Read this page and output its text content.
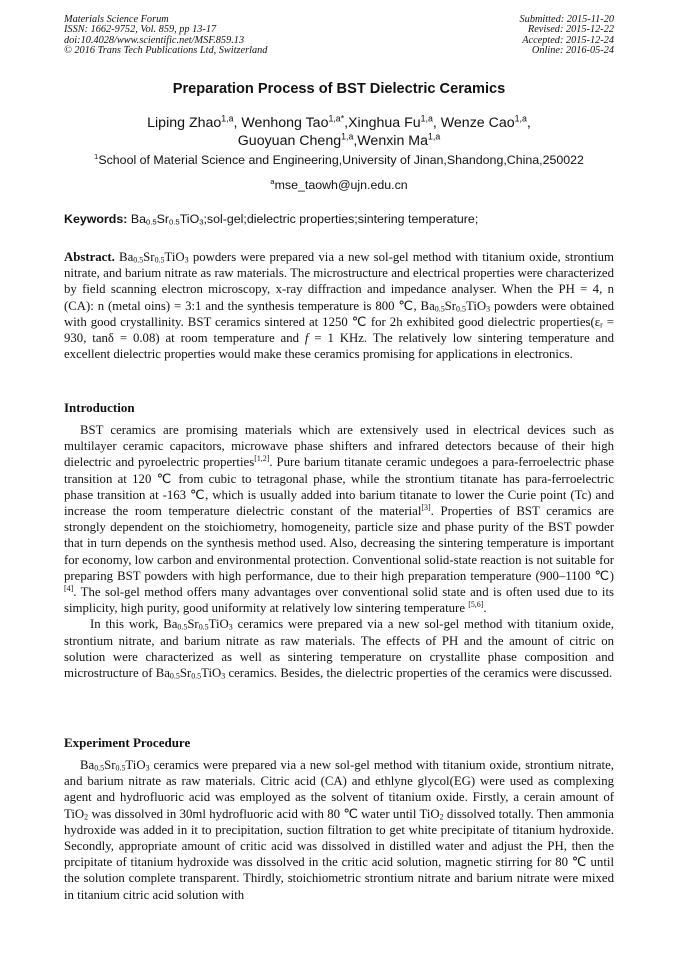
Materials Science Forum
ISSN: 1662-9752, Vol. 859, pp 13-17
doi:10.4028/www.scientific.net/MSF.859.13
© 2016 Trans Tech Publications Ltd, Switzerland
Submitted: 2015-11-20
Revised: 2015-12-22
Accepted: 2015-12-24
Online: 2016-05-24
Preparation Process of BST Dielectric Ceramics
Liping Zhao$^{1,a}$, Wenhong Tao$^{1,a*}$,Xinghua Fu$^{1,a}$, Wenze Cao$^{1,a}$,
Guoyuan Cheng$^{1,a}$,Wenxin Ma$^{1,a}$
$^1$School of Material Science and Engineering,University of Jinan,Shandong,China,250022
$^a$mse_taowh@ujn.edu.cn
Keywords: $Ba_{0.5}Sr_{0.5}TiO_3;sol-gel;dielectric$ properties;sintering temperature;

Abstract. $Ba_{0.5}Sr_{0.5}TiO_3$ powders were prepared via a new sol-gel method with titanium oxide, strontium nitrate, and barium nitrate as raw materials. The microstructure and electrical properties were characterized by field scanning electron microscopy, x-ray diffraction and impedance analyser. When the PH = 4, n (CA): n (metal oins) = 3:1 and the synthesis temperature is 800 ℃, $Ba_{0.5}Sr_{0.5}TiO_3$ powders were obtained with good crystallinity. BST ceramics sintered at 1250 ℃ for 2h exhibited good dielectric $properties(\varepsilon_r = 930$, tanδ = 0.08) at room temperature and f = 1 KHz. The relatively low sintering temperature and excellent dielectric properties would make these ceramics promising for applications in electronics.

Introduction

BST ceramics are promising materials which are extensively used in electrical devices such as multilayer ceramic capacitors, microwave phase shifters and infrared detectors because of their high dielectric and pyroelectric properties[1,2]. Pure barium titanate ceramic undegoes a para-ferroelectric phase transition at 120 ℃ from cubic to tetragonal phase, while the strontium titanate has para-ferroelectric phase transition at -163 ℃, which is usually added into barium titanate to lower the Curie point (Tc) and increase the room temperature dielectric constant of the material[3]. Properties of BST ceramics are strongly dependent on the stoichiometry, homogeneity, particle size and phase purity of the BST powder that in turn depends on the synthesis method used. Also, decreasing the sintering temperature is important for economy, low carbon and environmental protection. Conventional solid-state reaction is not suitable for preparing BST powders with high performance, due to their high preparation temperature (900–1100 ℃)[4]. The sol-gel method offers many advantages over conventional solid state and is often used due to its simplicity, high purity, good uniformity at relatively low sintering temperature [5,6].

In this work, $Ba_{0.5}Sr_{0.5}TiO_3$ ceramics were prepared via a new sol-gel method with titanium oxide, strontium nitrate, and barium nitrate as raw materials. The effects of PH and the amount of citric on solution were characterized as well as sintering temperature on crystallite phase composition and microstructure of $Ba_{0.5}Sr_{0.5}TiO_3$ ceramics. Besides, the dielectric properties of the ceramics were discussed.

Experiment Procedure

$Ba_{0.5}Sr_{0.5}TiO_3$ ceramics were prepared via a new sol-gel method with titanium oxide, strontium nitrate, and barium nitrate as raw materials. Citric acid (CA) and ethlyne glycol(EG) were used as complexing agent and hydrofluoric acid was employed as the solvent of titanium oxide. Firstly, a cerain amount of TiO$_2$ was dissolved in 30ml hydrofluoric acid with 80 ℃ water until TiO$_2$ dissolved totally. Then ammonia hydroxide was added in it to precipitation, suction filtration to get white precipitate of titanium hydroxide. Secondly, appropriate amount of critic acid was dissolved in distilled water and adjust the PH, then the prcipitate of titanium hydroxide was dissolved in the critic acid solution, magnetic stirring for 80 ℃ until the solution complete transparent. Thirdly, stoichiometric strontium nitrate and barium nitrate were mixed in titanium citric acid solution with
